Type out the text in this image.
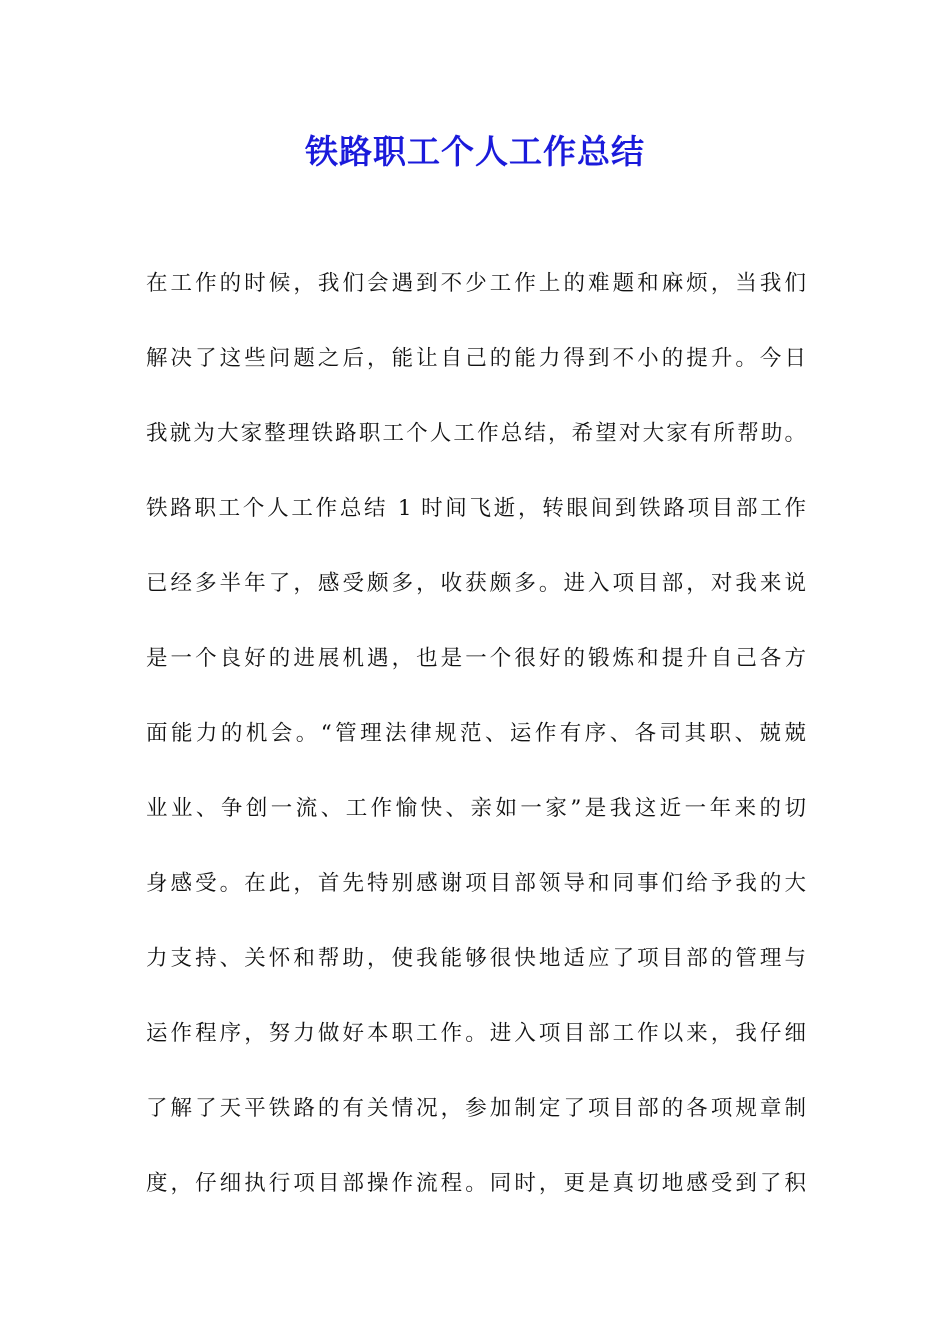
铁路职工个人工作总结
在工作的时候，我们会遇到不少工作上的难题和麻烦，当我们
解决了这些问题之后，能让自己的能力得到不小的提升。今日
我就为大家整理铁路职工个人工作总结，希望对大家有所帮助。
铁路职工个人工作总结 1 时间飞逝，转眼间到铁路项目部工作
已经多半年了，感受颇多，收获颇多。进入项目部，对我来说
是一个良好的进展机遇，也是一个很好的锻炼和提升自己各方
面能力的机会。“管理法律规范、运作有序、各司其职、兢兢
业业、争创一流、工作愉快、亲如一家”是我这近一年来的切
身感受。在此，首先特别感谢项目部领导和同事们给予我的大
力支持、关怀和帮助，使我能够很快地适应了项目部的管理与
运作程序，努力做好本职工作。进入项目部工作以来，我仔细
了解了天平铁路的有关情况，参加制定了项目部的各项规章制
度，仔细执行项目部操作流程。同时，更是真切地感受到了积
